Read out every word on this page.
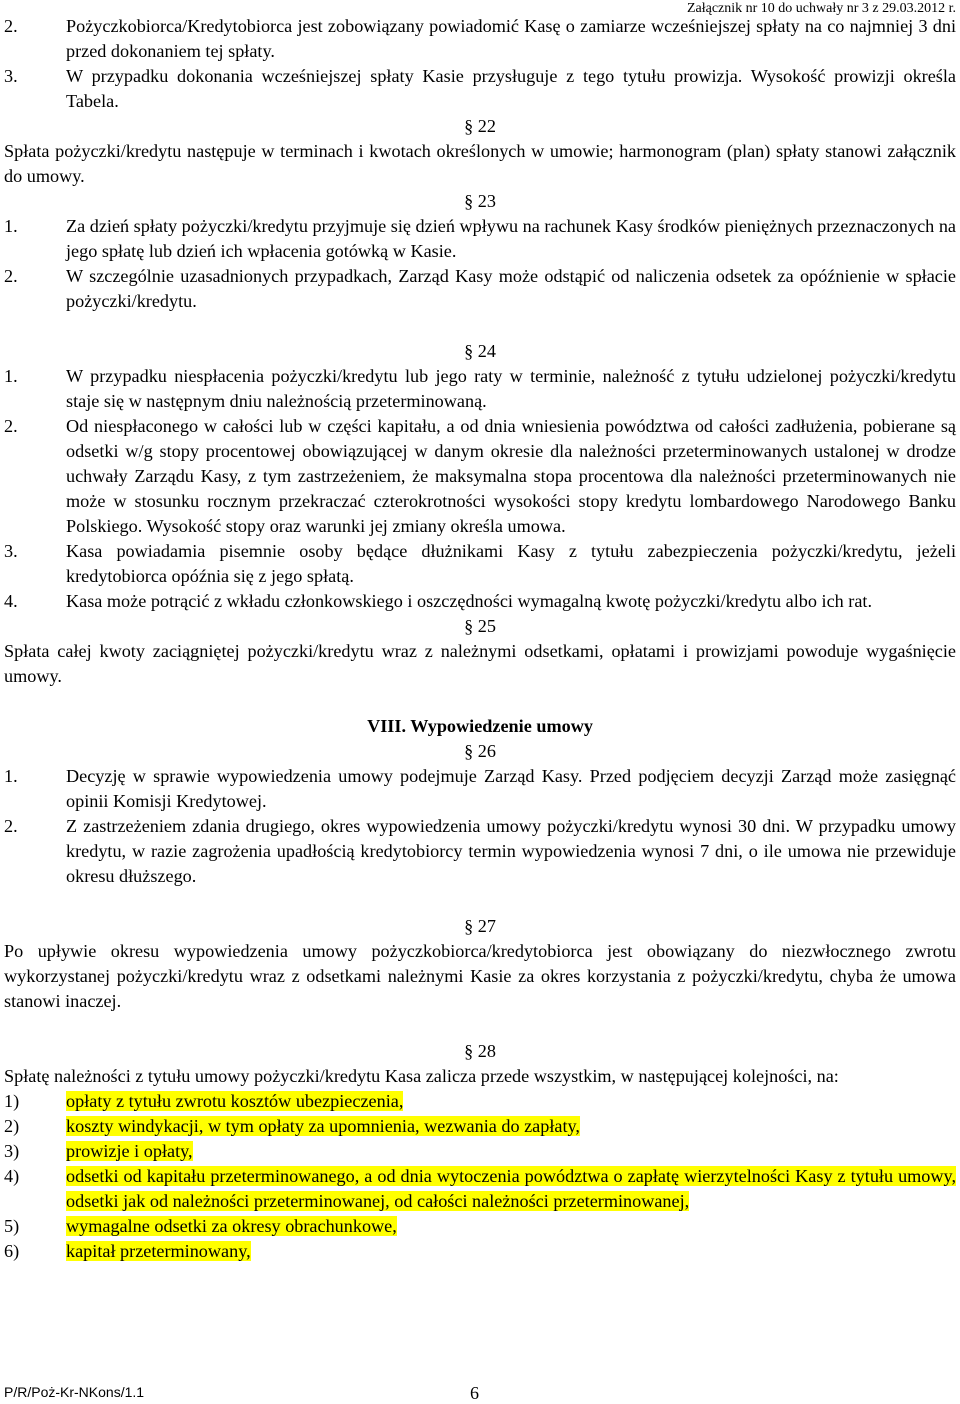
Załącznik nr 10 do uchwały nr 3 z 29.03.2012 r.
2.	Pożyczkobiorca/Kredytobiorca jest zobowiązany powiadomić Kasę o zamiarze wcześniejszej spłaty na co najmniej 3 dni przed dokonaniem tej spłaty.
3.	W przypadku dokonania wcześniejszej spłaty Kasie przysługuje z tego tytułu prowizja. Wysokość prowizji określa Tabela.
§ 22
Spłata pożyczki/kredytu następuje w terminach i kwotach określonych w umowie; harmonogram (plan) spłaty stanowi załącznik do umowy.
§ 23
1.	Za dzień spłaty pożyczki/kredytu przyjmuje się dzień wpływu na rachunek Kasy środków pieniężnych przeznaczonych na jego spłatę lub dzień ich wpłacenia gotówką w Kasie.
2.	W szczególnie uzasadnionych przypadkach, Zarząd Kasy może odstąpić od naliczenia odsetek za opóźnienie w spłacie pożyczki/kredytu.
§ 24
1.	W przypadku niespłacenia pożyczki/kredytu lub jego raty w terminie, należność z tytułu udzielonej pożyczki/kredytu staje się w następnym dniu należnością przeterminowaną.
2.	Od niespłaconego w całości lub w części kapitału, a od dnia wniesienia powództwa od całości zadłużenia, pobierane są odsetki w/g stopy procentowej obowiązującej w danym okresie dla należności przeterminowanych ustalonej w drodze uchwały Zarządu Kasy, z tym zastrzeżeniem, że maksymalna stopa procentowa dla należności przeterminowanych nie może w stosunku rocznym przekraczać czterokrotności wysokości stopy kredytu lombardowego Narodowego Banku Polskiego. Wysokość stopy oraz warunki jej zmiany określa umowa.
3.	Kasa powiadamia pisemnie osoby będące dłużnikami Kasy z tytułu zabezpieczenia pożyczki/kredytu, jeżeli kredytobiorca opóźnia się z jego spłatą.
4.	Kasa może potrącić z wkładu członkowskiego i oszczędności wymagalną kwotę pożyczki/kredytu albo ich rat.
§ 25
Spłata całej kwoty zaciągniętej pożyczki/kredytu wraz z należnymi odsetkami, opłatami i prowizjami powoduje wygaśnięcie umowy.
VIII. Wypowiedzenie umowy
§ 26
1.	Decyzję w sprawie wypowiedzenia umowy podejmuje Zarząd Kasy. Przed podjęciem decyzji Zarząd może zasięgnąć opinii Komisji Kredytowej.
2.	Z zastrzeżeniem zdania drugiego, okres wypowiedzenia umowy pożyczki/kredytu wynosi 30 dni. W przypadku umowy kredytu, w razie zagrożenia upadłością kredytobiorcy termin wypowiedzenia wynosi 7 dni, o ile umowa nie przewiduje okresu dłuższego.
§ 27
Po upływie okresu wypowiedzenia umowy pożyczkobiorca/kredytobiorca jest obowiązany do niezwłocznego zwrotu wykorzystanej pożyczki/kredytu wraz z odsetkami należnymi Kasie za okres korzystania z pożyczki/kredytu, chyba że umowa stanowi inaczej.
§ 28
Spłatę należności z tytułu umowy pożyczki/kredytu Kasa zalicza przede wszystkim, w następującej kolejności, na:
1)	opłaty z tytułu zwrotu kosztów ubezpieczenia,
2)	koszty windykacji, w tym opłaty za upomnienia, wezwania do zapłaty,
3)	prowizje i opłaty,
4)	odsetki od kapitału przeterminowanego, a od dnia wytoczenia powództwa o zapłatę wierzytelności Kasy z tytułu umowy, odsetki jak od należności przeterminowanej, od całości należności przeterminowanej,
5)	wymagalne odsetki za okresy obrachunkowe,
6)	kapitał przeterminowany,
P/R/Poż-Kr-NKons/1.1	6
